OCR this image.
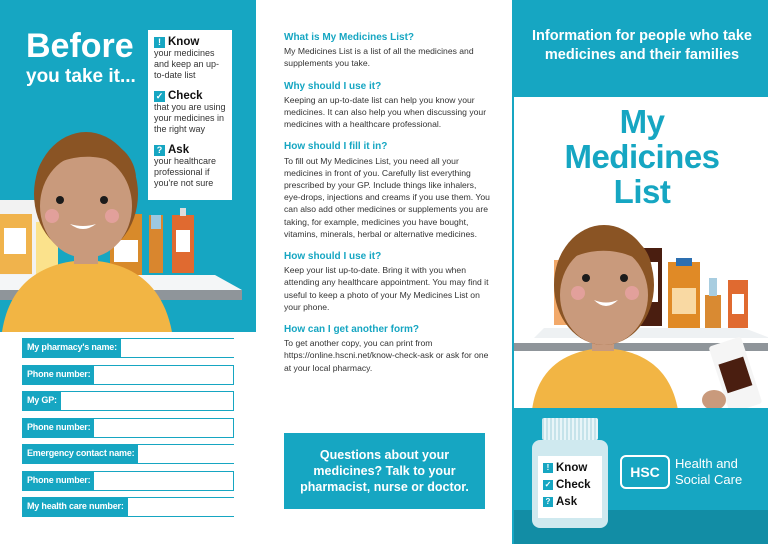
Before
you take it...
! Know
your medicines and keep an up-to-date list
✓ Check
that you are using your medicines in the right way
? Ask
your healthcare professional if you're not sure
My pharmacy's name:
Phone number:
My GP:
Phone number:
Emergency contact name:
Phone number:
My health care number:
What is My Medicines List?

My Medicines List is a list of all the medicines and supplements you take.

Why should I use it?

Keeping an up-to-date list can help you know your medicines. It can also help you when discussing your medicines with a healthcare professional.

How should I fill it in?

To fill out My Medicines List, you need all your medicines in front of you. Carefully list everything prescribed by your GP. Include things like inhalers, eye-drops, injections and creams if you use them. You can also add other medicines or supplements you are taking, for example, medicines you have bought, vitamins, minerals, herbal or alternative medicines.

How should I use it?

Keep your list up-to-date. Bring it with you when attending any healthcare appointment. You may find it useful to keep a photo of your My Medicines List on your phone.

How can I get another form?

To get another copy, you can print from https://online.hscni.net/know-check-ask or ask for one at your local pharmacy.

Questions about your medicines? Talk to your pharmacist, nurse or doctor.
Information for people who take medicines and their families
My
Medicines
List
! Know
✓ Check
? Ask
HSC
Health and
Social Care
